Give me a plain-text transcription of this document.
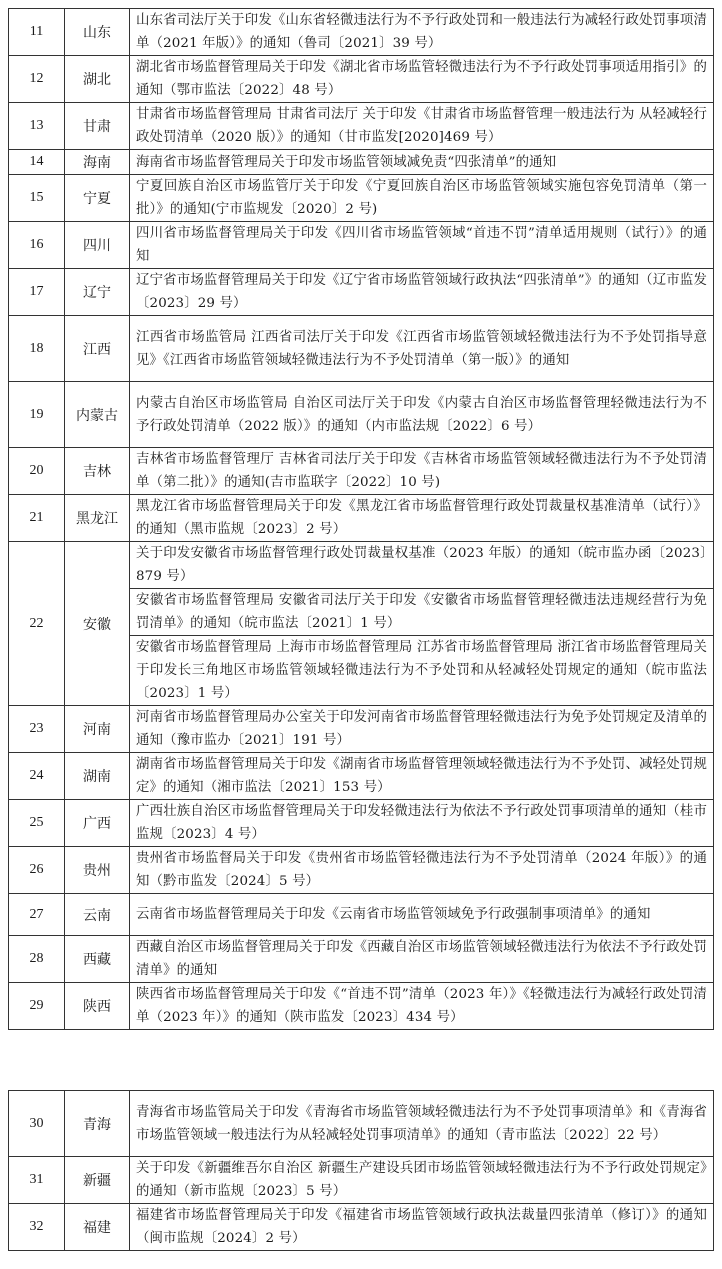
11	山东	山东省司法厅关于印发《山东省轻微违法行为不予行政处罚和一般违法行为减轻行政处罚事项清单（2021 年版）》的通知（鲁司〔2021〕39 号）
12	湖北	湖北省市场监督管理局关于印发《湖北省市场监管轻微违法行为不予行政处罚事项适用指引》的通知（鄂市监法〔2022〕48 号）
13	甘肃	甘肃省市场监督管理局 甘肃省司法厅 关于印发《甘肃省市场监督管理一般违法行为 从轻减轻行政处罚清单（2020 版）》的通知（甘市监发[2020]469 号）
14	海南	海南省市场监督管理局关于印发市场监管领域减免责“四张清单”的通知
15	宁夏	宁夏回族自治区市场监管厅关于印发《宁夏回族自治区市场监管领域实施包容免罚清单（第一批）》的通知(宁市监规发〔2020〕2 号)
16	四川	四川省市场监督管理局关于印发《四川省市场监管领域“首违不罚”清单适用规则（试行）》的通知
17	辽宁	辽宁省市场监督管理局关于印发《辽宁省市场监管领域行政执法“四张清单”》的通知（辽市监发〔2023〕29 号）
18	江西	江西省市场监管局 江西省司法厅关于印发《江西省市场监管领域轻微违法行为不予处罚指导意见》《江西省市场监管领域轻微违法行为不予处罚清单（第一版）》的通知
19	内蒙古	内蒙古自治区市场监管局 自治区司法厅关于印发《内蒙古自治区市场监督管理轻微违法行为不予行政处罚清单（2022 版）》的通知（内市监法规〔2022〕6 号）
20	吉林	吉林省市场监督管理厅 吉林省司法厅关于印发《吉林省市场监管领域轻微违法行为不予处罚清单（第二批）》的通知(吉市监联字〔2022〕10 号)
21	黑龙江	黑龙江省市场监督管理局关于印发《黑龙江省市场监督管理行政处罚裁量权基准清单（试行）》的通知（黑市监规〔2023〕2 号）
22	安徽	关于印发安徽省市场监督管理行政处罚裁量权基准（2023 年版）的通知（皖市监办函〔2023〕879 号）
		安徽省市场监督管理局 安徽省司法厅关于印发《安徽省市场监督管理轻微违法违规经营行为免罚清单》的通知（皖市监法〔2021〕1 号）
		安徽省市场监督管理局 上海市市场监督管理局 江苏省市场监督管理局 浙江省市场监督管理局关于印发长三角地区市场监管领域轻微违法行为不予处罚和从轻减轻处罚规定的通知（皖市监法〔2023〕1 号）
23	河南	河南省市场监督管理局办公室关于印发河南省市场监督管理轻微违法行为免予处罚规定及清单的通知（豫市监办〔2021〕191 号）
24	湖南	湖南省市场监督管理局关于印发《湖南省市场监督管理领域轻微违法行为不予处罚、减轻处罚规定》的通知（湘市监法〔2021〕153 号）
25	广西	广西壮族自治区市场监督管理局关于印发轻微违法行为依法不予行政处罚事项清单的通知（桂市监规〔2023〕4 号）
26	贵州	贵州省市场监督局关于印发《贵州省市场监管轻微违法行为不予处罚清单（2024 年版）》的通知（黔市监发〔2024〕5 号）
27	云南	云南省市场监督管理局关于印发《云南省市场监管领域免予行政强制事项清单》的通知
28	西藏	西藏自治区市场监督管理局关于印发《西藏自治区市场监管领域轻微违法行为依法不予行政处罚清单》的通知
29	陕西	陕西省市场监督管理局关于印发《“首违不罚”清单（2023 年）》《轻微违法行为减轻行政处罚清单（2023 年）》的通知（陕市监发〔2023〕434 号）
30	青海	青海省市场监管局关于印发《青海省市场监管领域轻微违法行为不予处罚事项清单》和《青海省市场监管领域一般违法行为从轻减轻处罚事项清单》的通知（青市监法〔2022〕22 号）
31	新疆	关于印发《新疆维吾尔自治区 新疆生产建设兵团市场监管领域轻微违法行为不予行政处罚规定》的通知（新市监规〔2023〕5 号）
32	福建	福建省市场监督管理局关于印发《福建省市场监管领域行政执法裁量四张清单（修订）》的通知（闽市监规〔2024〕2 号）
